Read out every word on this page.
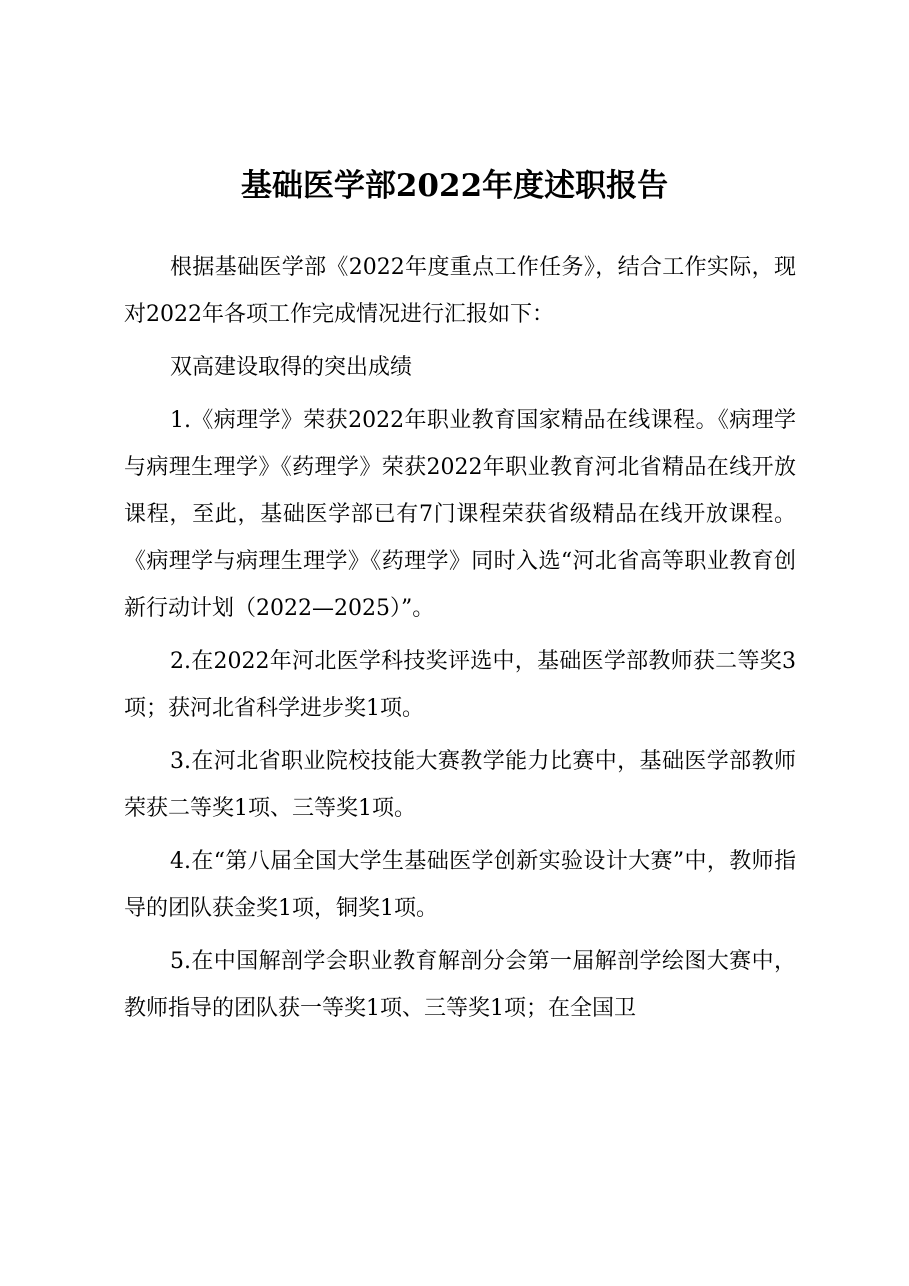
基础医学部2022年度述职报告

根据基础医学部《2022年度重点工作任务》，结合工作实际，现对2022年各项工作完成情况进行汇报如下：

双高建设取得的突出成绩

1.《病理学》荣获2022年职业教育国家精品在线课程。《病理学与病理生理学》《药理学》荣获2022年职业教育河北省精品在线开放课程，至此，基础医学部已有7门课程荣获省级精品在线开放课程。《病理学与病理生理学》《药理学》同时入选“河北省高等职业教育创新行动计划（2022—2025）”。

2.在2022年河北医学科技奖评选中，基础医学部教师获二等奖3项；获河北省科学进步奖1项。

3.在河北省职业院校技能大赛教学能力比赛中，基础医学部教师荣获二等奖1项、三等奖1项。

4.在“第八届全国大学生基础医学创新实验设计大赛”中，教师指导的团队获金奖1项，铜奖1项。

5.在中国解剖学会职业教育解剖分会第一届解剖学绘图大赛中，教师指导的团队获一等奖1项、三等奖1项；在全国卫
